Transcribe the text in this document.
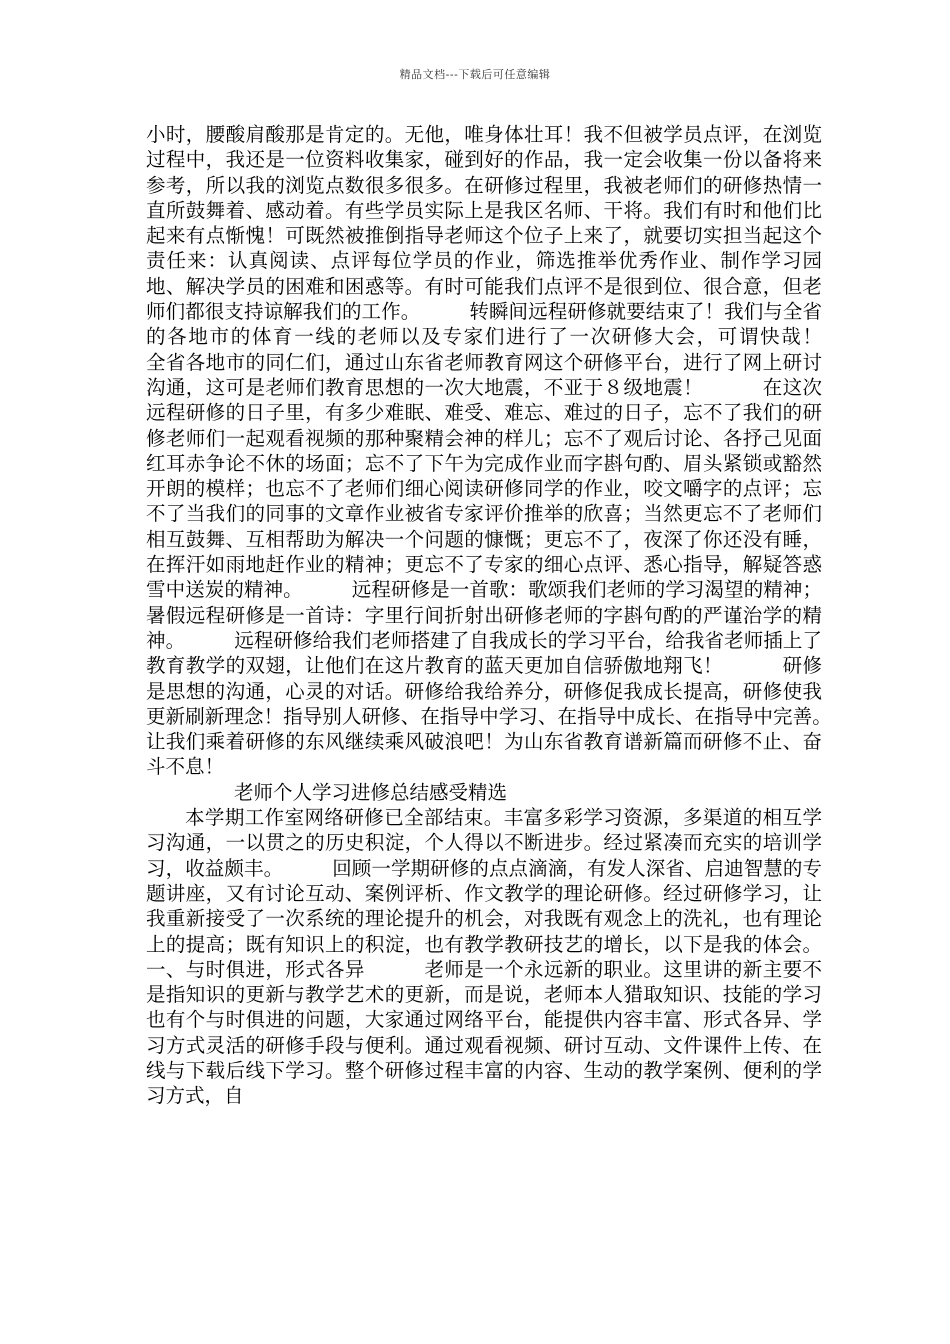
精品文档---下载后可任意编辑

小时，腰酸肩酸那是肯定的。无他，唯身体壮耳！我不但被学员点评，在浏览过程中，我还是一位资料收集家，碰到好的作品，我一定会收集一份以备将来参考，所以我的浏览点数很多很多。在研修过程里，我被老师们的研修热情一直所鼓舞着、感动着。有些学员实际上是我区名师、干将。我们有时和他们比起来有点惭愧！可既然被推倒指导老师这个位子上来了，就要切实担当起这个责任来：认真阅读、点评每位学员的作业，筛选推举优秀作业、制作学习园地、解决学员的困难和困惑等。有时可能我们点评不是很到位、很合意，但老师们都很支持谅解我们的工作。　　　转瞬间远程研修就要结束了！我们与全省的各地市的体育一线的老师以及专家们进行了一次研修大会，可谓快哉！　　　全省各地市的同仁们，通过山东省老师教育网这个研修平台，进行了网上研讨沟通，这可是老师们教育思想的一次大地震，不亚于８级地震！　　　在这次远程研修的日子里，有多少难眠、难受、难忘、难过的日子，忘不了我们的研修老师们一起观看视频的那种聚精会神的样儿；忘不了观后讨论、各抒己见面红耳赤争论不休的场面；忘不了下午为完成作业而字斟句酌、眉头紧锁或豁然开朗的模样；也忘不了老师们细心阅读研修同学的作业，咬文嚼字的点评；忘不了当我们的同事的文章作业被省专家评价推举的欣喜；当然更忘不了老师们相互鼓舞、互相帮助为解决一个问题的慷慨；更忘不了，夜深了你还没有睡，在挥汗如雨地赶作业的精神；更忘不了专家的细心点评、悉心指导，解疑答惑雪中送炭的精神。　　　远程研修是一首歌：歌颂我们老师的学习渴望的精神；暑假远程研修是一首诗：字里行间折射出研修老师的字斟句酌的严谨治学的精神。　　　远程研修给我们老师搭建了自我成长的学习平台，给我省老师插上了教育教学的双翅，让他们在这片教育的蓝天更加自信骄傲地翔飞！　　　研修是思想的沟通，心灵的对话。研修给我给养分，研修促我成长提高，研修使我更新刷新理念！指导别人研修、在指导中学习、在指导中成长、在指导中完善。　　　让我们乘着研修的东风继续乘风破浪吧！为山东省教育谱新篇而研修不止、奋斗不息！

老师个人学习进修总结感受精选

本学期工作室网络研修已全部结束。丰富多彩学习资源，多渠道的相互学习沟通，一以贯之的历史积淀，个人得以不断进步。经过紧凑而充实的培训学习，收益颇丰。　　　回顾一学期研修的点点滴滴，有发人深省、启迪智慧的专题讲座，又有讨论互动、案例评析、作文教学的理论研修。经过研修学习，让我重新接受了一次系统的理论提升的机会，对我既有观念上的洗礼，也有理论上的提高；既有知识上的积淀，也有教学教研技艺的增长，以下是我的体会。一、与时俱进，形式各异　　　老师是一个永远新的职业。这里讲的新主要不是指知识的更新与教学艺术的更新，而是说，老师本人猎取知识、技能的学习也有个与时俱进的问题，大家通过网络平台，能提供内容丰富、形式各异、学习方式灵活的研修手段与便利。通过观看视频、研讨互动、文件课件上传、在线与下载后线下学习。整个研修过程丰富的内容、生动的教学案例、便利的学习方式，自
